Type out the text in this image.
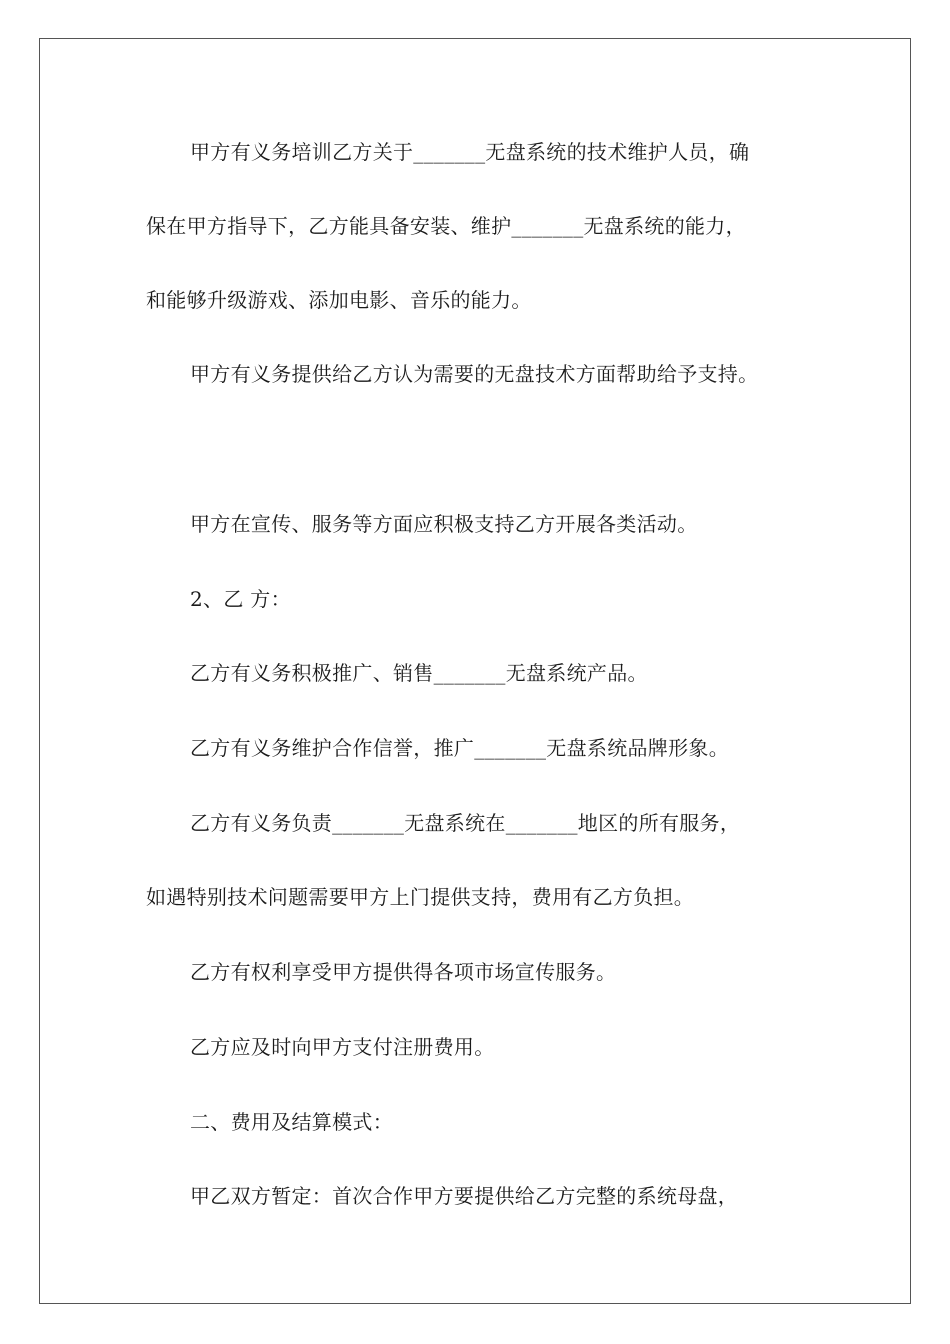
甲方有义务培训乙方关于_______无盘系统的技术维护人员，确
保在甲方指导下，乙方能具备安装、维护_______无盘系统的能力，
和能够升级游戏、添加电影、音乐的能力。
甲方有义务提供给乙方认为需要的无盘技术方面帮助给予支持。
甲方在宣传、服务等方面应积极支持乙方开展各类活动。
2、乙 方：
乙方有义务积极推广、销售_______无盘系统产品。
乙方有义务维护合作信誉，推广_______无盘系统品牌形象。
乙方有义务负责_______无盘系统在_______地区的所有服务，
如遇特别技术问题需要甲方上门提供支持，费用有乙方负担。
乙方有权利享受甲方提供得各项市场宣传服务。
乙方应及时向甲方支付注册费用。
二、费用及结算模式：
甲乙双方暂定：首次合作甲方要提供给乙方完整的系统母盘，
